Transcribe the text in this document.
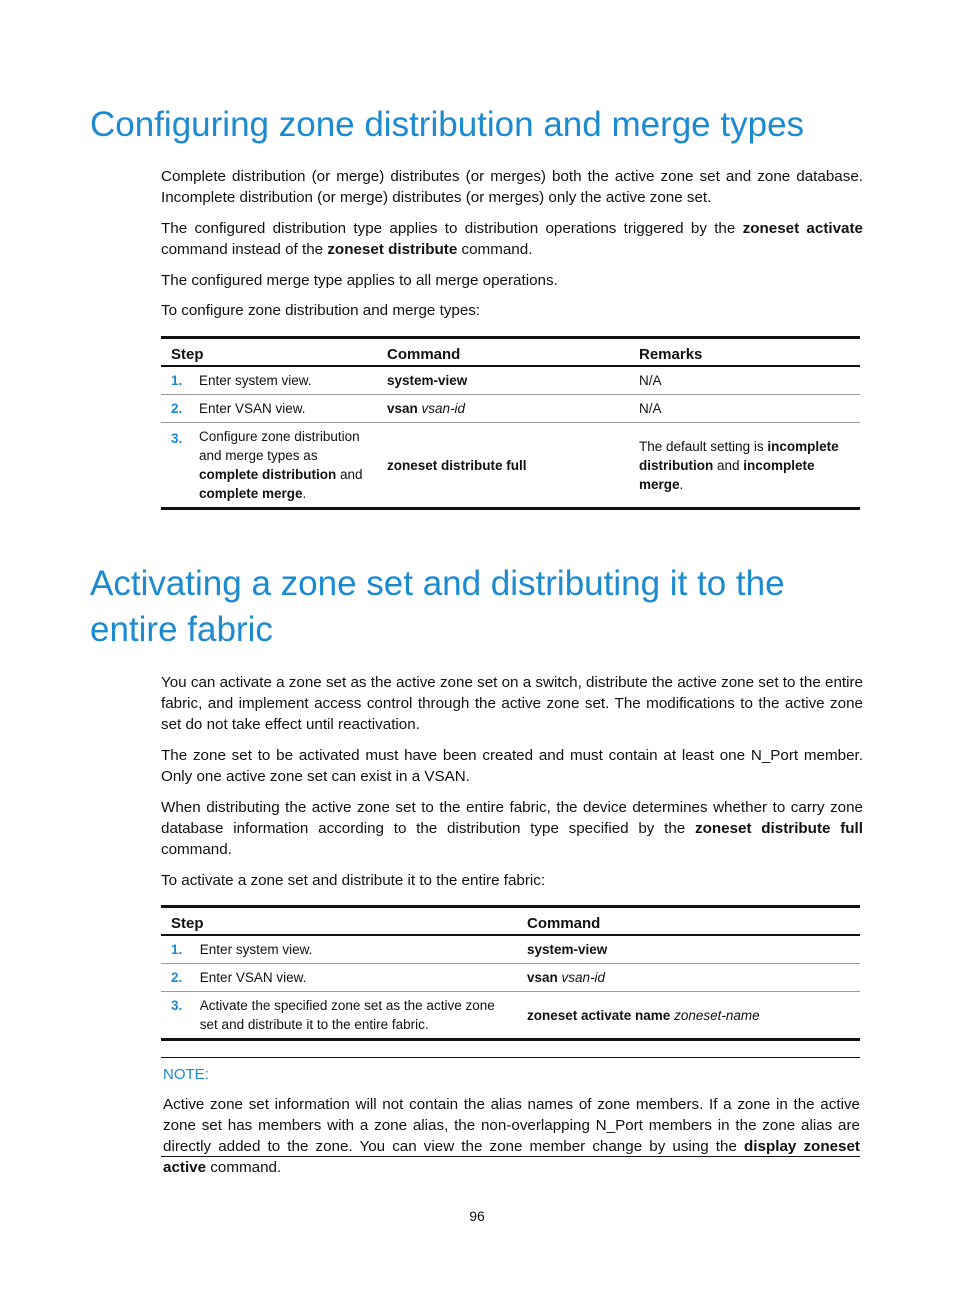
Configuring zone distribution and merge types

Complete distribution (or merge) distributes (or merges) both the active zone set and zone database. Incomplete distribution (or merge) distributes (or merges) only the active zone set.

The configured distribution type applies to distribution operations triggered by the zoneset activate command instead of the zoneset distribute command.

The configured merge type applies to all merge operations.

To configure zone distribution and merge types:

Step		Command	Remarks
1.	Enter system view.	system-view	N/A
2.	Enter VSAN view.	vsan vsan-id	N/A
3.	Configure zone distribution and merge types as complete distribution and complete merge.	zoneset distribute full	The default setting is incomplete distribution and incomplete merge.
Activating a zone set and distributing it to the entire fabric

You can activate a zone set as the active zone set on a switch, distribute the active zone set to the entire fabric, and implement access control through the active zone set. The modifications to the active zone set do not take effect until reactivation.

The zone set to be activated must have been created and must contain at least one N_Port member. Only one active zone set can exist in a VSAN.

When distributing the active zone set to the entire fabric, the device determines whether to carry zone database information according to the distribution type specified by the zoneset distribute full command.

To activate a zone set and distribute it to the entire fabric:

Step		Command
1.	Enter system view.	system-view
2.	Enter VSAN view.	vsan vsan-id
3.	Activate the specified zone set as the active zone set and distribute it to the entire fabric.	zoneset activate name zoneset-name
NOTE:

Active zone set information will not contain the alias names of zone members. If a zone in the active zone set has members with a zone alias, the non-overlapping N_Port members in the zone alias are directly added to the zone. You can view the zone member change by using the display zoneset active command.

96
